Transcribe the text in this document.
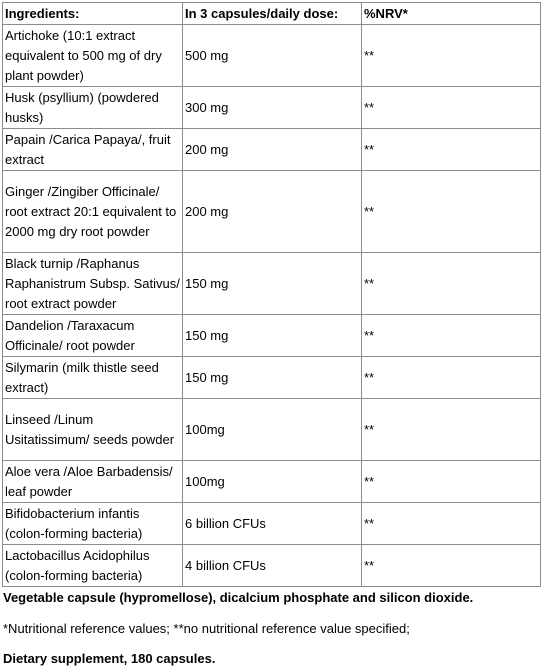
Ingredients:	In 3 capsules/daily dose:	%NRV*
Artichoke (10:1 extract equivalent to 500 mg of dry plant powder)	500 mg	**
Husk (psyllium) (powdered husks)	300 mg	**
Papain /Carica Papaya/, fruit extract	200 mg	**
Ginger /Zingiber Officinale/ root extract 20:1 equivalent to 2000 mg dry root powder	200 mg	**
Black turnip /Raphanus Raphanistrum Subsp. Sativus/ root extract powder	150 mg	**
Dandelion /Taraxacum Officinale/ root powder	150 mg	**
Silymarin (milk thistle seed extract)	150 mg	**
Linseed /Linum Usitatissimum/ seeds powder	100mg	**
Aloe vera /Aloe Barbadensis/ leaf powder	100mg	**
Bifidobacterium infantis (colon-forming bacteria)	6 billion CFUs	**
Lactobacillus Acidophilus (colon-forming bacteria)	4 billion CFUs	**
Vegetable capsule (hypromellose), dicalcium phosphate and silicon dioxide.
*Nutritional reference values; **no nutritional reference value specified;
Dietary supplement, 180 capsules.
